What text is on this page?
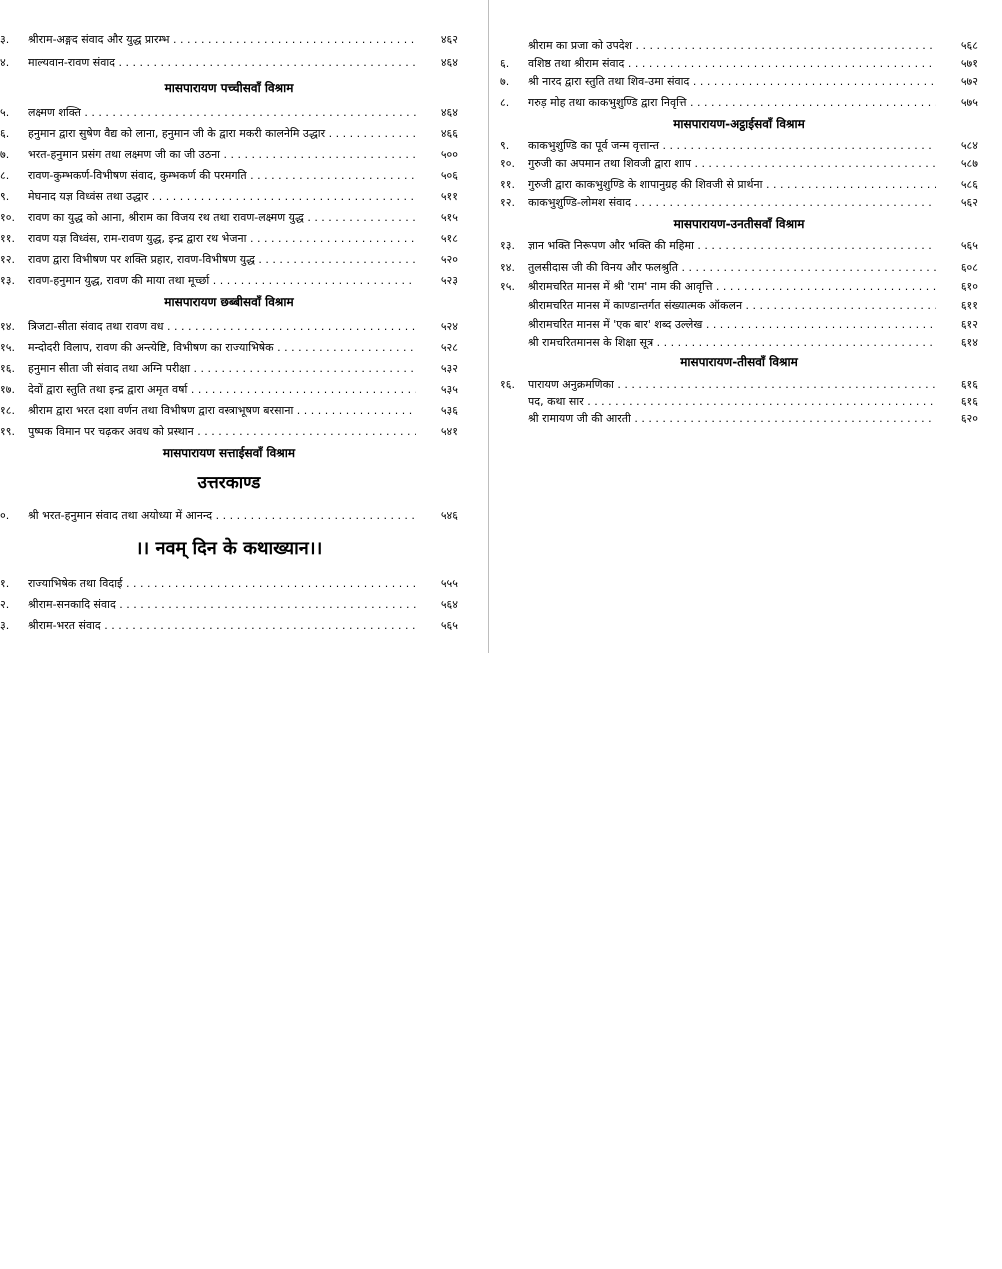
३.	श्रीराम-अङ्गद संवाद और युद्ध प्रारम्भ . . .	४६२
४.	माल्यवान-रावण संवाद . . .	४६४
मासपारायण पच्चीसवाँ विश्राम
५.	लक्ष्मण शक्ति . . .	४६४
६.	हनुमान द्वारा सुषेण वैद्य को लाना, हनुमान जी के द्वारा मकरी कालनेमि उद्धार . . .	४६६
७.	भरत-हनुमान प्रसंग तथा लक्ष्मण जी का जी उठना . . .	५००
८.	रावण-कुम्भकर्ण-विभीषण संवाद, कुम्भकर्ण की परमगति . . .	५०६
९.	मेघनाद यज्ञ विध्वंस तथा उद्धार . . .	५११
१०.	रावण का युद्ध को आना, श्रीराम का विजय रथ तथा रावण-लक्ष्मण युद्ध . . .	५१५
११.	रावण यज्ञ विध्वंस, राम-रावण युद्ध, इन्द्र द्वारा रथ भेजना . . .	५१८
१२.	रावण द्वारा विभीषण पर शक्ति प्रहार, रावण-विभीषण युद्ध . . .	५२०
१३.	रावण-हनुमान युद्ध, रावण की माया तथा मूर्च्छा . . .	५२३
मासपारायण छब्बीसवाँ विश्राम
१४.	त्रिजटा-सीता संवाद तथा रावण वध . . .	५२४
१५.	मन्दोदरी विलाप, रावण की अन्त्येष्टि, विभीषण का राज्याभिषेक . . .	५२८
१६.	हनुमान सीता जी संवाद तथा अग्नि परीक्षा . . .	५३२
१७.	देवों द्वारा स्तुति तथा इन्द्र द्वारा अमृत वर्षा . . .	५३५
१८.	श्रीराम द्वारा भरत दशा वर्णन तथा विभीषण द्वारा वस्त्राभूषण बरसाना . . .	५३६
१९.	पुष्पक विमान पर चढ़कर अवध को प्रस्थान . . .	५४१
मासपारायण सत्ताईसवाँ विश्राम
उत्तरकाण्ड
०.	श्री भरत-हनुमान संवाद तथा अयोध्या में आनन्द . . .	५४६
।। नवम् दिन के कथाख्यान।।
१.	राज्याभिषेक तथा विदाई . . .	५५५
२.	श्रीराम-सनकादि संवाद . . .	५६४
३.	श्रीराम-भरत संवाद . . .	५६५
श्रीराम का प्रजा को उपदेश . . .	५६८
६.	वशिष्ठ तथा श्रीराम संवाद . . .	५७१
७.	श्री नारद द्वारा स्तुति तथा शिव-उमा संवाद . . .	५७२
८.	गरुड़ मोह तथा काकभुशुण्डि द्वारा निवृत्ति . . .	५७५
मासपारायण-अट्ठाईसवाँ विश्राम
९.	काकभुशुण्डि का पूर्व जन्म वृत्तान्त . . .	५८४
१०.	गुरुजी का अपमान तथा शिवजी द्वारा शाप . . .	५८७
११.	गुरुजी द्वारा काकभुशुण्डि के शापानुग्रह की शिवजी से प्रार्थना . . .	५८६
१२.	काकभुशुण्डि-लोमश संवाद . . .	५६२
मासपारायण-उनतीसवाँ विश्राम
१३.	ज्ञान भक्ति निरूपण और भक्ति की महिमा . . .	५६५
१४.	तुलसीदास जी की विनय और फलश्रुति . . .	६०८
१५.	श्रीरामचरित मानस में श्री 'राम' नाम की आवृत्ति . . .	६१०
श्रीरामचरित मानस में काण्डान्तर्गत संख्यात्मक ऑकलन . . .	६११
श्रीरामचरित मानस में 'एक बार' शब्द उल्लेख . . .	६१२
श्री रामचरितमानस के शिक्षा सूत्र . . .	६१४
मासपारायण-तीसवाँ विश्राम
१६.	पारायण अनुक्रमणिका . . .	६१६
पद, कथा सार . . .	६१६
श्री रामायण जी की आरती . . .	६२०
